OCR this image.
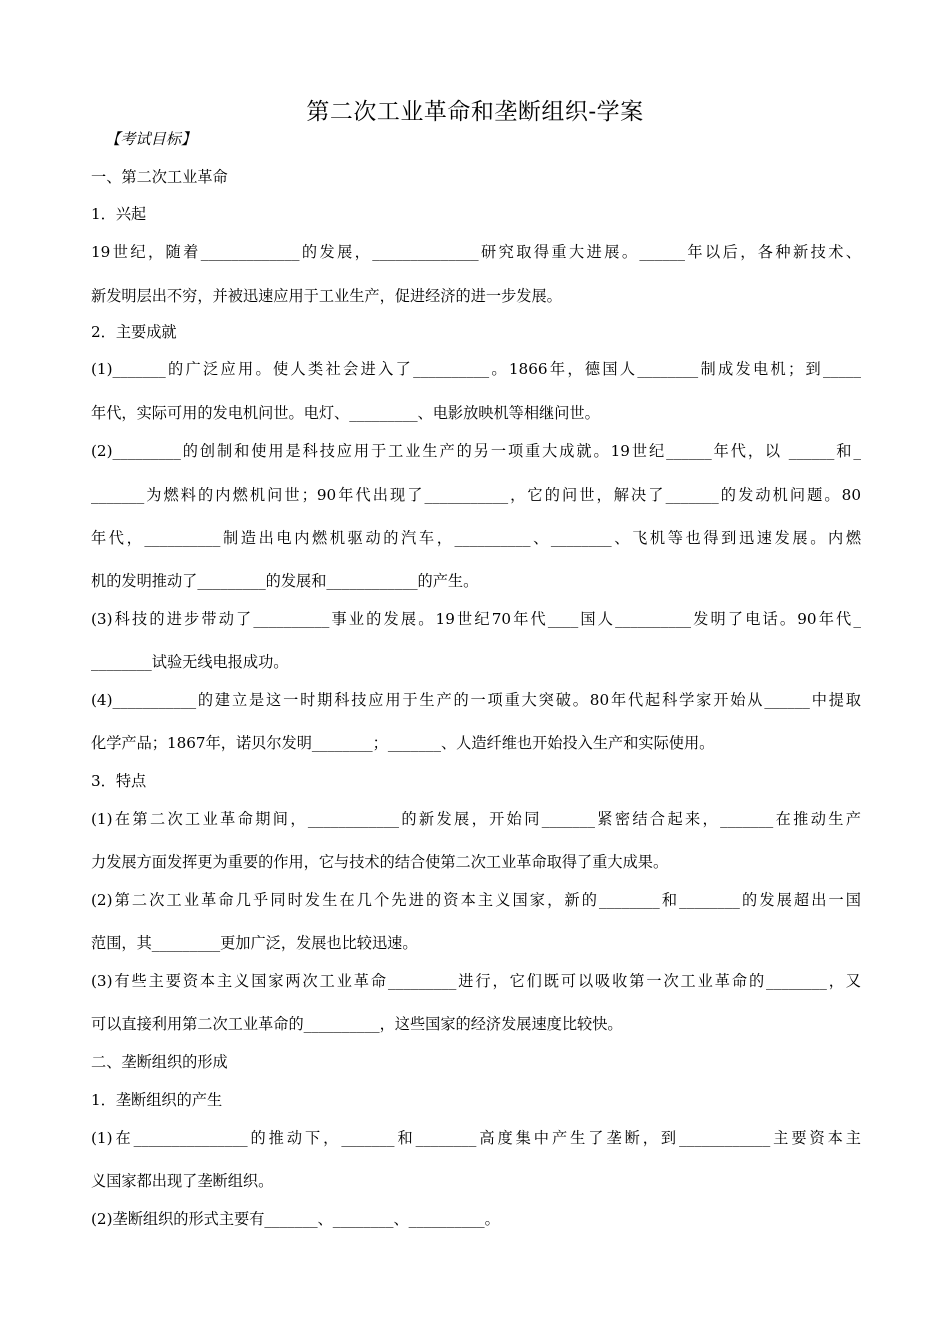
第二次工业革命和垄断组织-学案
【考试目标】
一、第二次工业革命
1．兴起
19世纪，随着_____________的发展，______________研究取得重大进展。______年以后，各种新技术、
新发明层出不穷，并被迅速应用于工业生产，促进经济的进一步发展。
2．主要成就
(1)_______的广泛应用。使人类社会进入了__________。1866年，德国人________制成发电机；到_____
年代，实际可用的发电机问世。电灯、_________、电影放映机等相继问世。
(2)_________的创制和使用是科技应用于工业生产的另一项重大成就。19世纪______年代，以 ______和_
_______为燃料的内燃机问世；90年代出现了___________，它的问世，解决了_______的发动机问题。80
年代，__________制造出电内燃机驱动的汽车，__________、________、飞机等也得到迅速发展。内燃
机的发明推动了_________的发展和____________的产生。
(3)科技的进步带动了__________事业的发展。19世纪70年代____国人__________发明了电话。90年代_
________试验无线电报成功。
(4)___________的建立是这一时期科技应用于生产的一项重大突破。80年代起科学家开始从______中提取
化学产品；1867年，诺贝尔发明________；_______、人造纤维也开始投入生产和实际使用。
3．特点
(1)在第二次工业革命期间，____________的新发展，开始同_______紧密结合起来，_______在推动生产
力发展方面发挥更为重要的作用，它与技术的结合使第二次工业革命取得了重大成果。
(2)第二次工业革命几乎同时发生在几个先进的资本主义国家，新的________和________的发展超出一国
范围，其_________更加广泛，发展也比较迅速。
(3)有些主要资本主义国家两次工业革命_________进行，它们既可以吸收第一次工业革命的________，又
可以直接利用第二次工业革命的__________，这些国家的经济发展速度比较快。
二、垄断组织的形成
1．垄断组织的产生
(1)在_______________的推动下，_______和________高度集中产生了垄断，到____________主要资本主
义国家都出现了垄断组织。
(2)垄断组织的形式主要有_______、________、__________。
